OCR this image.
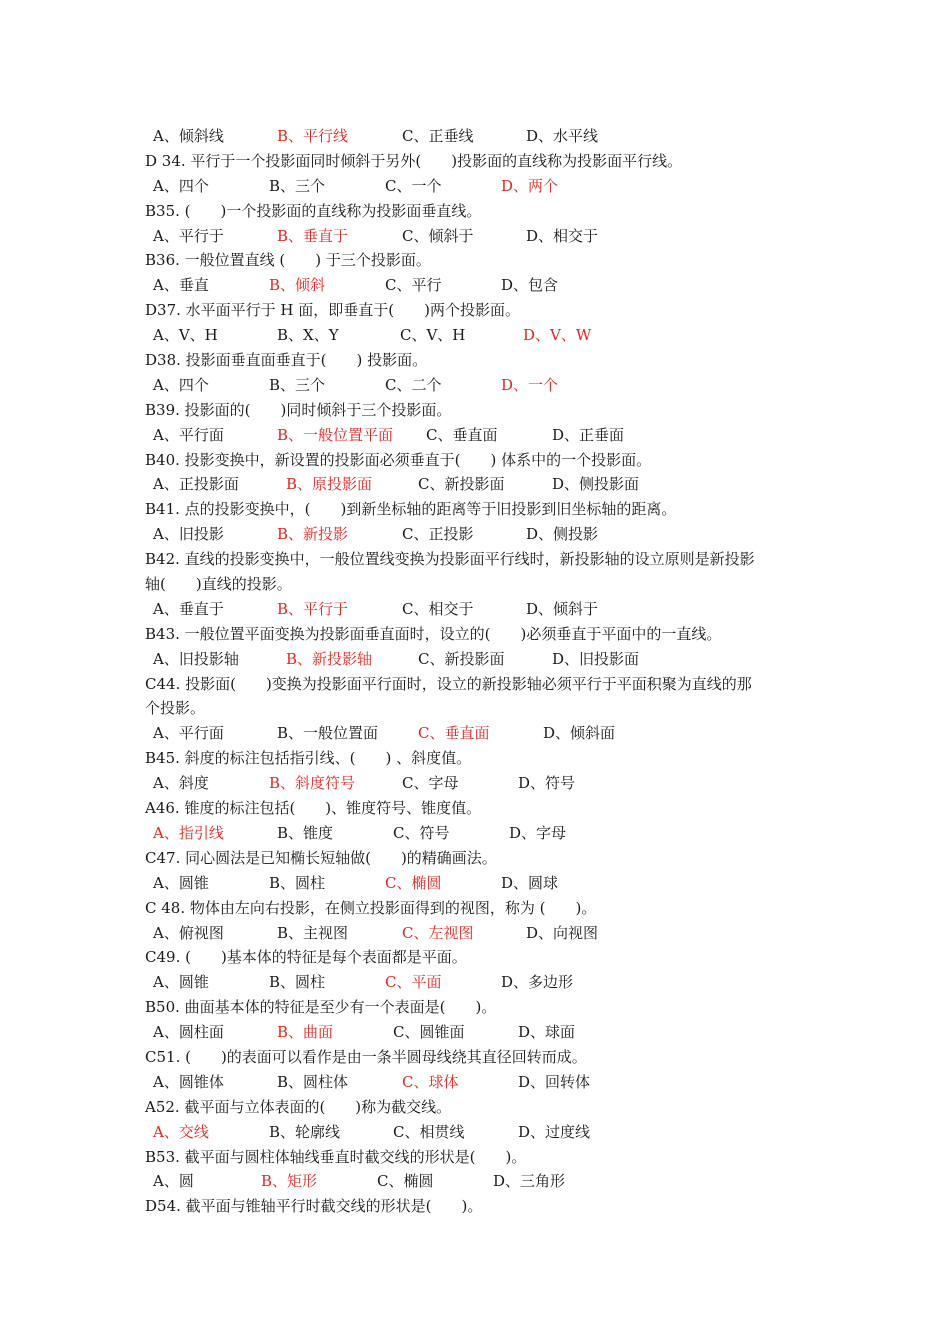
A、倾斜线	B、平行线	C、正垂线	D、水平线
D 34. 平行于一个投影面同时倾斜于另外(　　)投影面的直线称为投影面平行线。
A、四个	B、三个	C、一个	D、两个
B35. (　　)一个投影面的直线称为投影面垂直线。
A、平行于	B、垂直于	C、倾斜于	D、相交于
B36. 一般位置直线 (　　) 于三个投影面。
A、垂直	B、倾斜	C、平行	D、包含
D37. 水平面平行于 H 面，即垂直于(　　)两个投影面。
A、V、H	B、X、Y	C、V、H	D、V、W
D38. 投影面垂直面垂直于(　　) 投影面。
A、四个	B、三个	C、二个	D、一个
B39. 投影面的(　　)同时倾斜于三个投影面。
A、平行面	B、一般位置平面 C、垂直面	D、正垂面
B40. 投影变换中，新设置的投影面必须垂直于(　　) 体系中的一个投影面。
A、正投影面	B、原投影面	C、新投影面	D、侧投影面
B41. 点的投影变换中，(　　)到新坐标轴的距离等于旧投影到旧坐标轴的距离。
A、旧投影	B、新投影	C、正投影	D、侧投影
B42. 直线的投影变换中，一般位置线变换为投影面平行线时，新投影轴的设立原则是新投影
轴(　　)直线的投影。
A、垂直于	B、平行于	C、相交于	D、倾斜于
B43. 一般位置平面变换为投影面垂直面时，设立的(　　)必须垂直于平面中的一直线。
A、旧投影轴	B、新投影轴	C、新投影面	D、旧投影面
C44. 投影面(　　)变换为投影面平行面时，设立的新投影轴必须平行于平面积聚为直线的那
个投影。
A、平行面	B、一般位置面	C、垂直面	D、倾斜面
B45. 斜度的标注包括指引线、(　　) 、斜度值。
A、斜度	B、斜度符号	C、字母	D、符号
A46. 锥度的标注包括(　　)、锥度符号、锥度值。
A、指引线	B、锥度	C、符号	D、字母
C47. 同心圆法是已知椭长短轴做(　　)的精确画法。
A、圆锥	B、圆柱	C、椭圆	D、圆球
C 48. 物体由左向右投影，在侧立投影面得到的视图，称为 (　　)。
A、俯视图	B、主视图	C、左视图	D、向视图
C49. (　　)基本体的特征是每个表面都是平面。
A、圆锥	B、圆柱	C、平面	D、多边形
B50. 曲面基本体的特征是至少有一个表面是(　　)。
A、圆柱面	B、曲面	C、圆锥面	D、球面
C51. (　　)的表面可以看作是由一条半圆母线绕其直径回转而成。
A、圆锥体	B、圆柱体	C、球体	D、回转体
A52. 截平面与立体表面的(　　)称为截交线。
A、交线	B、轮廓线	C、相贯线	D、过度线
B53. 截平面与圆柱体轴线垂直时截交线的形状是(　　)。
A、圆	B、矩形	C、椭圆	D、三角形
D54. 截平面与锥轴平行时截交线的形状是(　　)。
